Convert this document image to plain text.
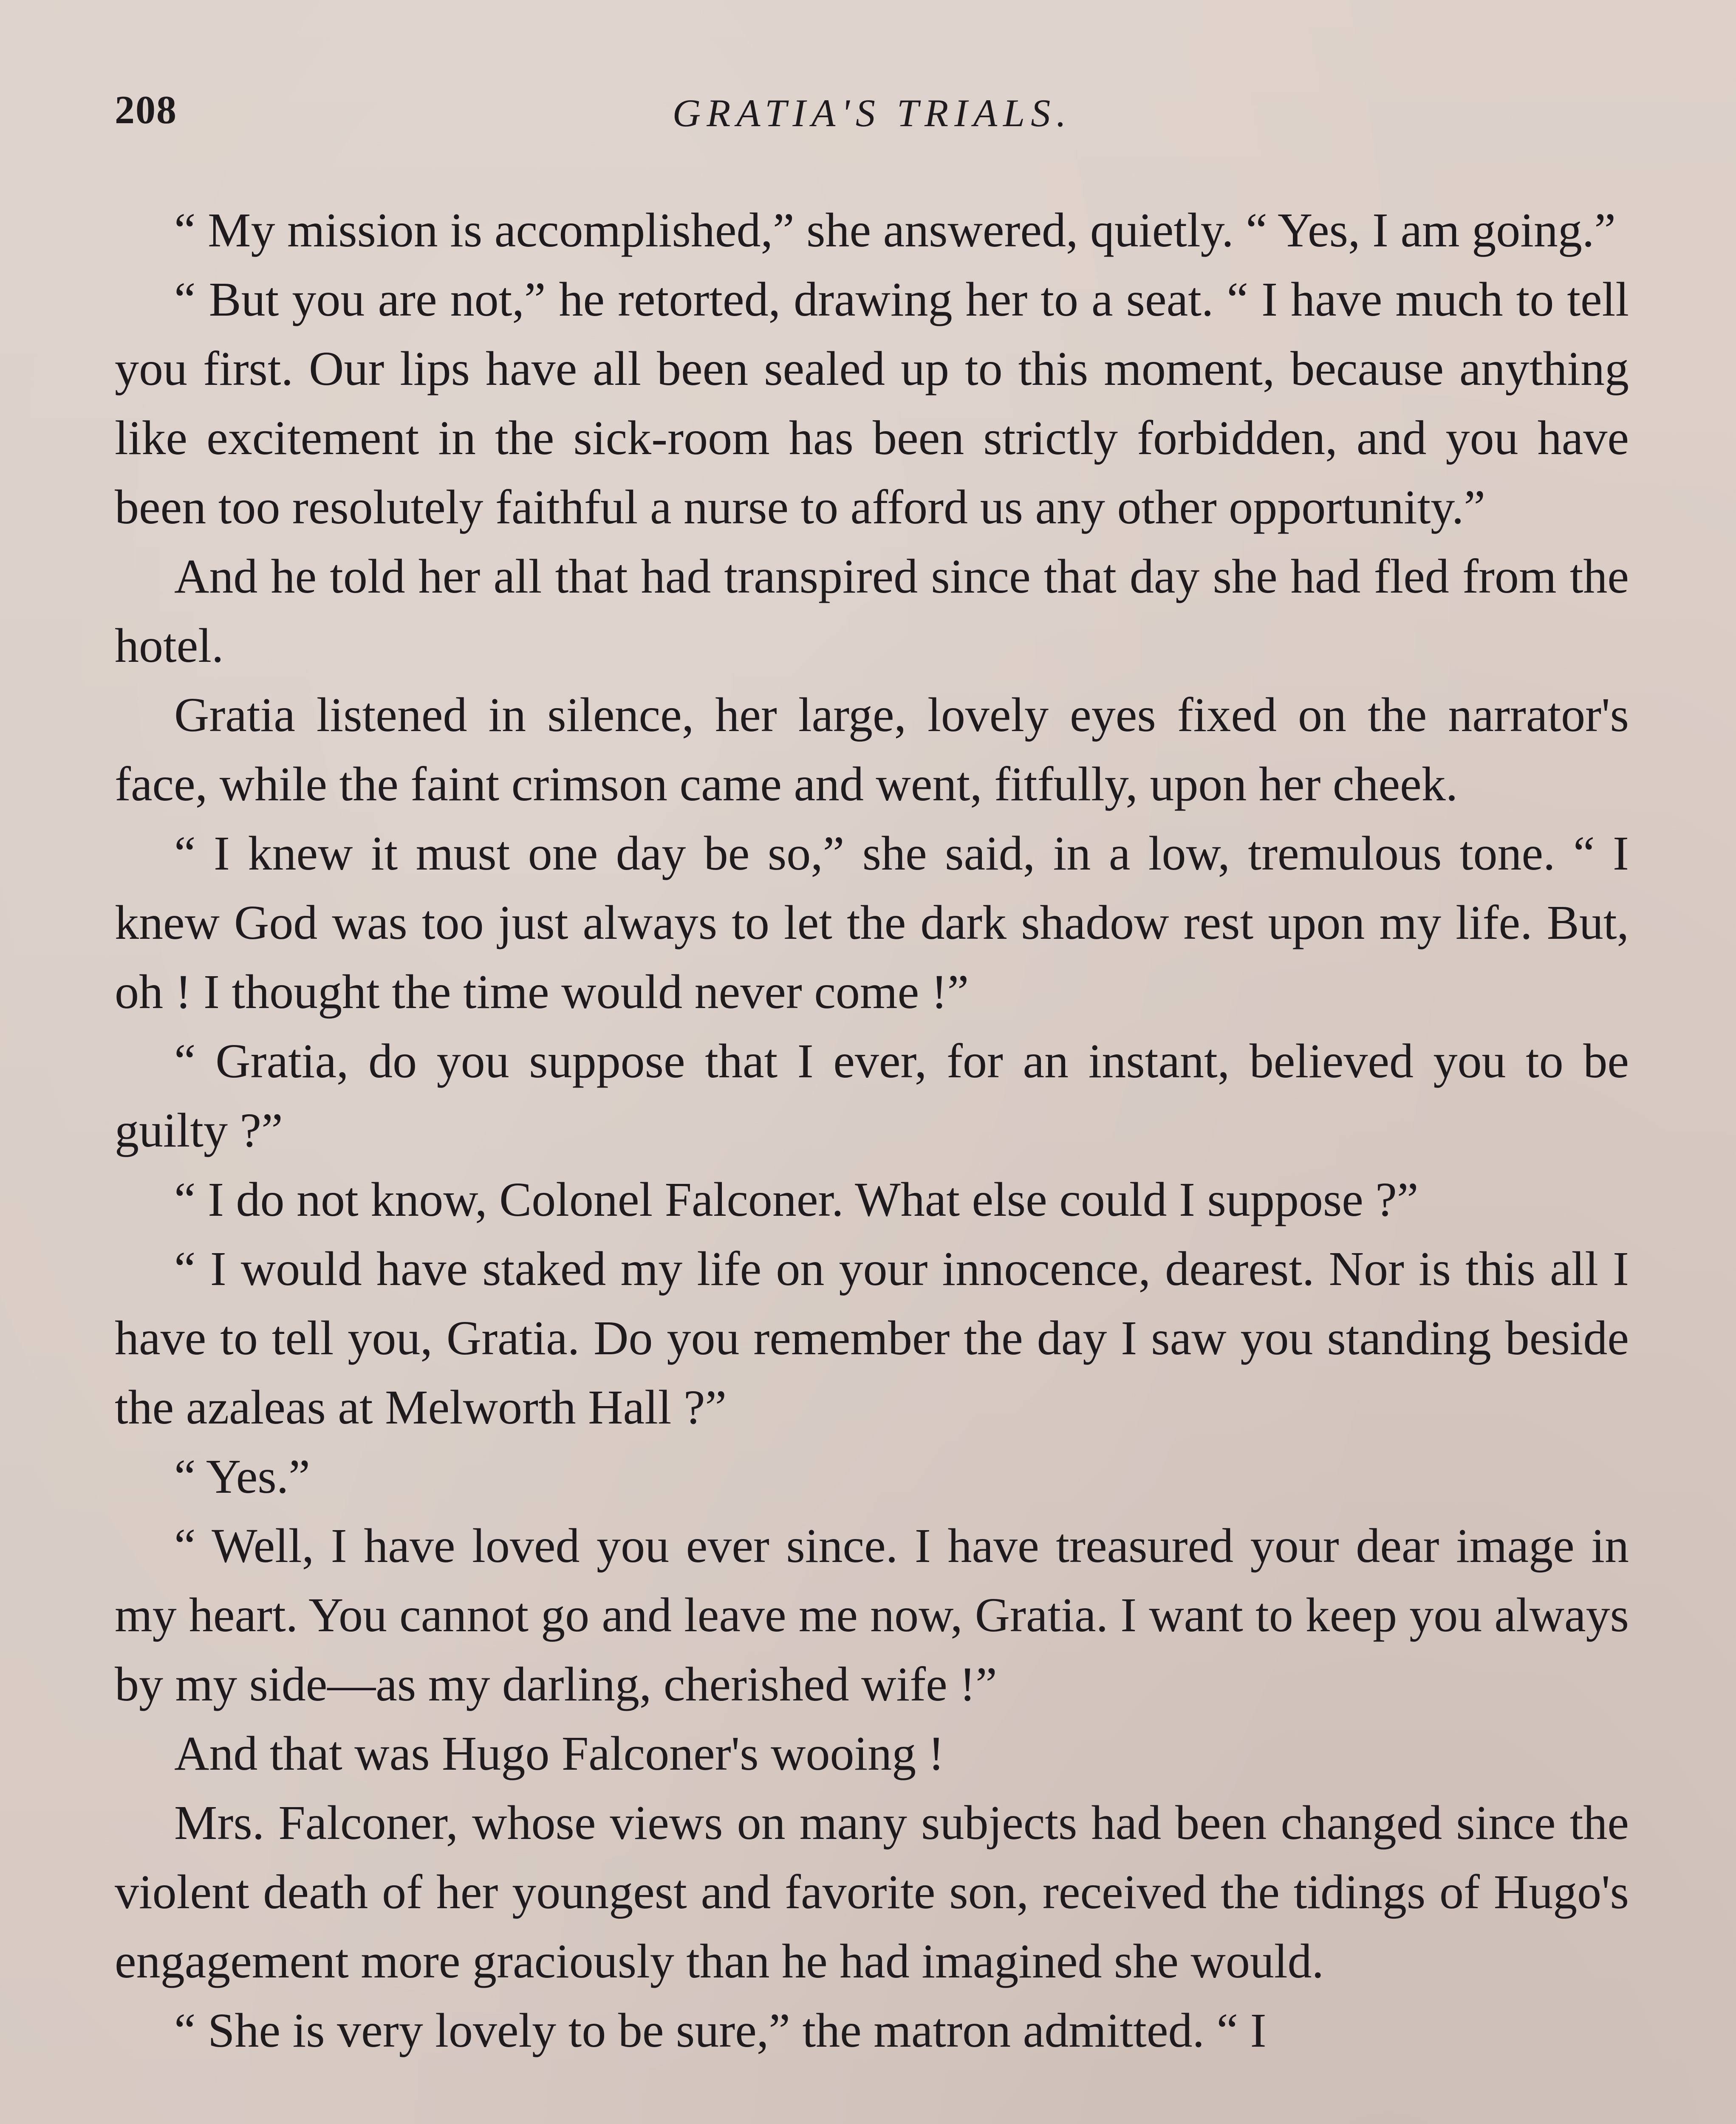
208	GRATIA'S TRIALS.

“ My mission is accomplished,” she answered, quietly. “ Yes, I am going.”

“ But you are not,” he retorted, drawing her to a seat. “ I have much to tell you first. Our lips have all been sealed up to this moment, because anything like excitement in the sick-room has been strictly forbidden, and you have been too resolutely faithful a nurse to afford us any other opportunity.”

And he told her all that had transpired since that day she had fled from the hotel.

Gratia listened in silence, her large, lovely eyes fixed on the narrator's face, while the faint crimson came and went, fitfully, upon her cheek.

“ I knew it must one day be so,” she said, in a low, tremulous tone. “ I knew God was too just always to let the dark shadow rest upon my life. But, oh ! I thought the time would never come !”

“ Gratia, do you suppose that I ever, for an instant, believed you to be guilty ?”

“ I do not know, Colonel Falconer. What else could I suppose ?”

“ I would have staked my life on your innocence, dearest. Nor is this all I have to tell you, Gratia. Do you remember the day I saw you standing beside the azaleas at Melworth Hall ?”

“ Yes.”

“ Well, I have loved you ever since. I have treasured your dear image in my heart. You cannot go and leave me now, Gratia. I want to keep you always by my side—as my darling, cherished wife !”

And that was Hugo Falconer's wooing !

Mrs. Falconer, whose views on many subjects had been changed since the violent death of her youngest and favorite son, received the tidings of Hugo's engagement more graciously than he had imagined she would.

“ She is very lovely to be sure,” the matron admitted. “ I
